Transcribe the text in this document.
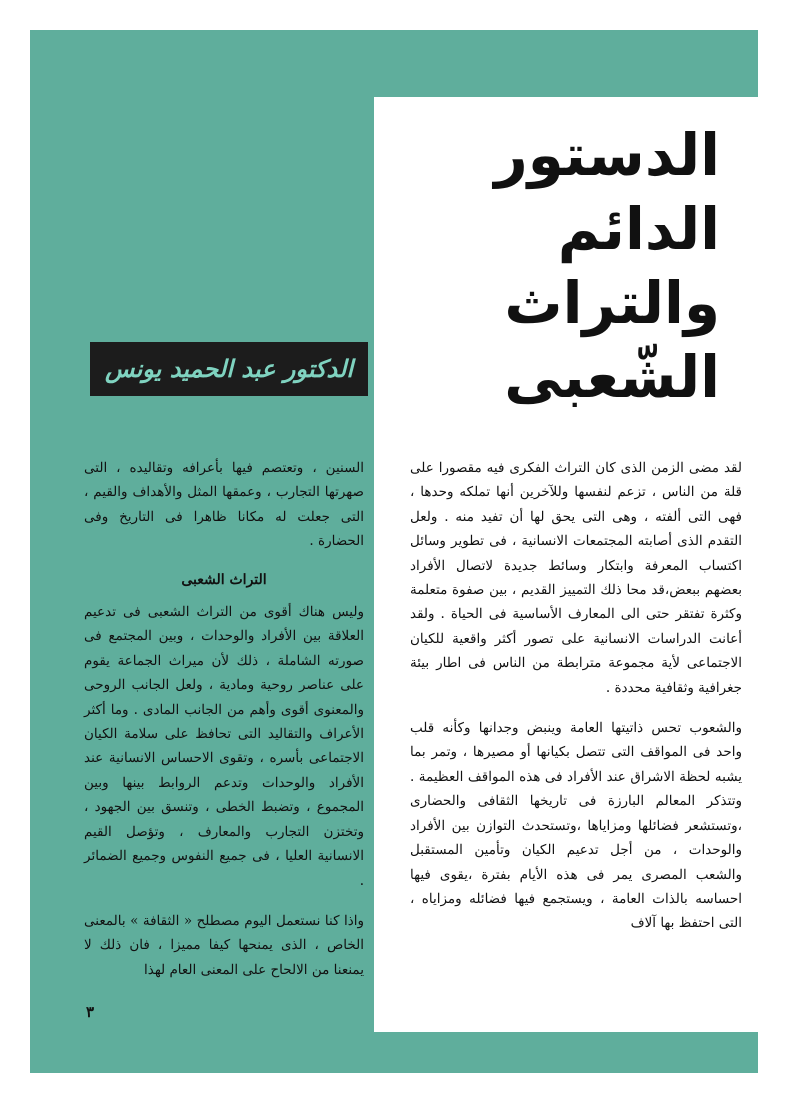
الدستور
الدائم
والتراث
الشّعبى
الدكتور عبد الحميد يونس

لقد مضى الزمن الذى كان التراث الفكرى فيه مقصورا على قلة من الناس ، تزعم لنفسها وللآخرين أنها تملكه وحدها ، فهى التى ألفته ، وهى التى يحق لها أن تفيد منه . ولعل التقدم الذى أصابته المجتمعات الانسانية ، فى تطوير وسائل اكتساب المعرفة وابتكار وسائط جديدة لاتصال الأفراد بعضهم ببعض،قد محا ذلك التمييز القديم ، بين صفوة متعلمة وكثرة تفتقر حتى الى المعارف الأساسية فى الحياة . ولقد أعانت الدراسات الانسانية على تصور أكثر واقعية للكيان الاجتماعى لأية مجموعة مترابطة من الناس فى اطار بيئة جغرافية وثقافية محددة .

والشعوب تحس ذاتيتها العامة وينبض وجدانها وكأنه قلب واحد فى المواقف التى تتصل بكيانها أو مصيرها ، وتمر بما يشبه لحظة الاشراق عند الأفراد فى هذه المواقف العظيمة . وتتذكر المعالم البارزة فى تاريخها الثقافى والحضارى ،وتستشعر فضائلها ومزاياها ،وتستحدث التوازن بين الأفراد والوحدات ، من أجل تدعيم الكيان وتأمين المستقبل والشعب المصرى يمر فى هذه الأيام بفترة ،يقوى فيها احساسه بالذات العامة ، ويستجمع فيها فضائله ومزاياه ، التى احتفظ بها آلاف

السنين ، وتعتصم فيها بأعرافه وتقاليده ، التى صهرتها التجارب ، وعمقها المثل والأهداف والقيم ، التى جعلت له مكانا ظاهرا فى التاريخ وفى الحضارة .

التراث الشعبى

وليس هناك أقوى من التراث الشعبى فى تدعيم العلاقة بين الأفراد والوحدات ، وبين المجتمع فى صورته الشاملة ، ذلك لأن ميراث الجماعة يقوم على عناصر روحية ومادية ، ولعل الجانب الروحى والمعنوى أقوى وأهم من الجانب المادى . وما أكثر الأعراف والتقاليد التى تحافظ على سلامة الكيان الاجتماعى بأسره ، وتقوى الاحساس الانسانية عند الأفراد والوحدات وتدعم الروابط بينها وبين المجموع ، وتضبط الخطى ، وتنسق بين الجهود ، وتختزن التجارب والمعارف ، وتؤصل القيم الانسانية العليا ، فى جميع النفوس وجميع الضمائر .

واذا كنا نستعمل اليوم مصطلح « الثقافة » بالمعنى الخاص ، الذى يمنحها كيفا مميزا ، فان ذلك لا يمنعنا من الالحاح على المعنى العام لهذا

٣
